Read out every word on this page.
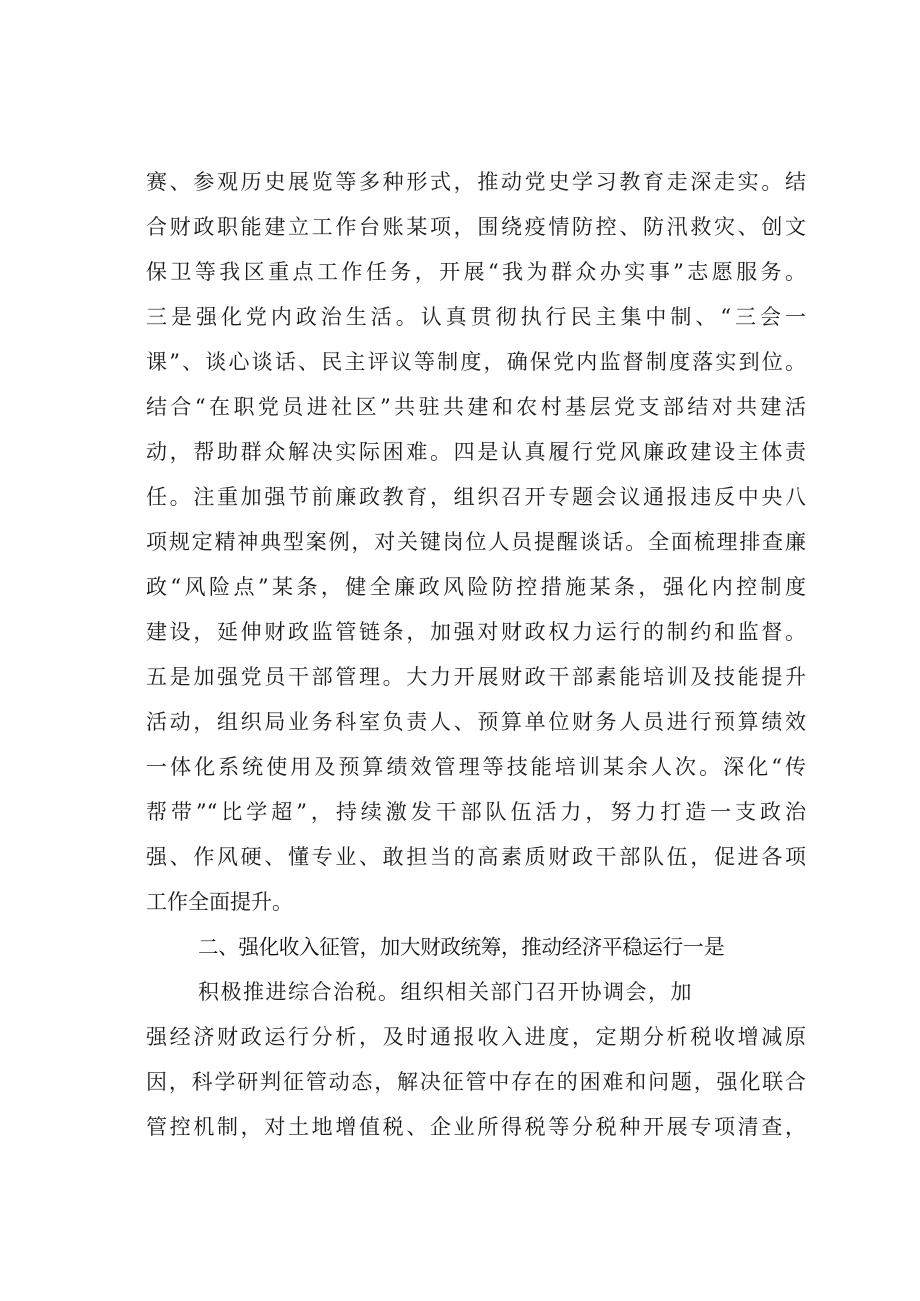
赛、参观历史展览等多种形式，推动党史学习教育走深走实。结
合财政职能建立工作台账某项，围绕疫情防控、防汛救灾、创文
保卫等我区重点工作任务，开展“我为群众办实事”志愿服务。
三是强化党内政治生活。认真贯彻执行民主集中制、“三会一
课”、谈心谈话、民主评议等制度，确保党内监督制度落实到位。
结合“在职党员进社区”共驻共建和农村基层党支部结对共建活
动，帮助群众解决实际困难。四是认真履行党风廉政建设主体责
任。注重加强节前廉政教育，组织召开专题会议通报违反中央八
项规定精神典型案例，对关键岗位人员提醒谈话。全面梳理排查廉
政“风险点”某条，健全廉政风险防控措施某条，强化内控制度
建设，延伸财政监管链条，加强对财政权力运行的制约和监督。
五是加强党员干部管理。大力开展财政干部素能培训及技能提升
活动，组织局业务科室负责人、预算单位财务人员进行预算绩效
一体化系统使用及预算绩效管理等技能培训某余人次。深化“传
帮带”“比学超”，持续激发干部队伍活力，努力打造一支政治
强、作风硬、懂专业、敢担当的高素质财政干部队伍，促进各项
工作全面提升。
二、强化收入征管，加大财政统筹，推动经济平稳运行一是
积极推进综合治税。组织相关部门召开协调会，加
强经济财政运行分析，及时通报收入进度，定期分析税收增减原
因，科学研判征管动态，解决征管中存在的困难和问题，强化联合
管控机制，对土地增值税、企业所得税等分税种开展专项清查，
